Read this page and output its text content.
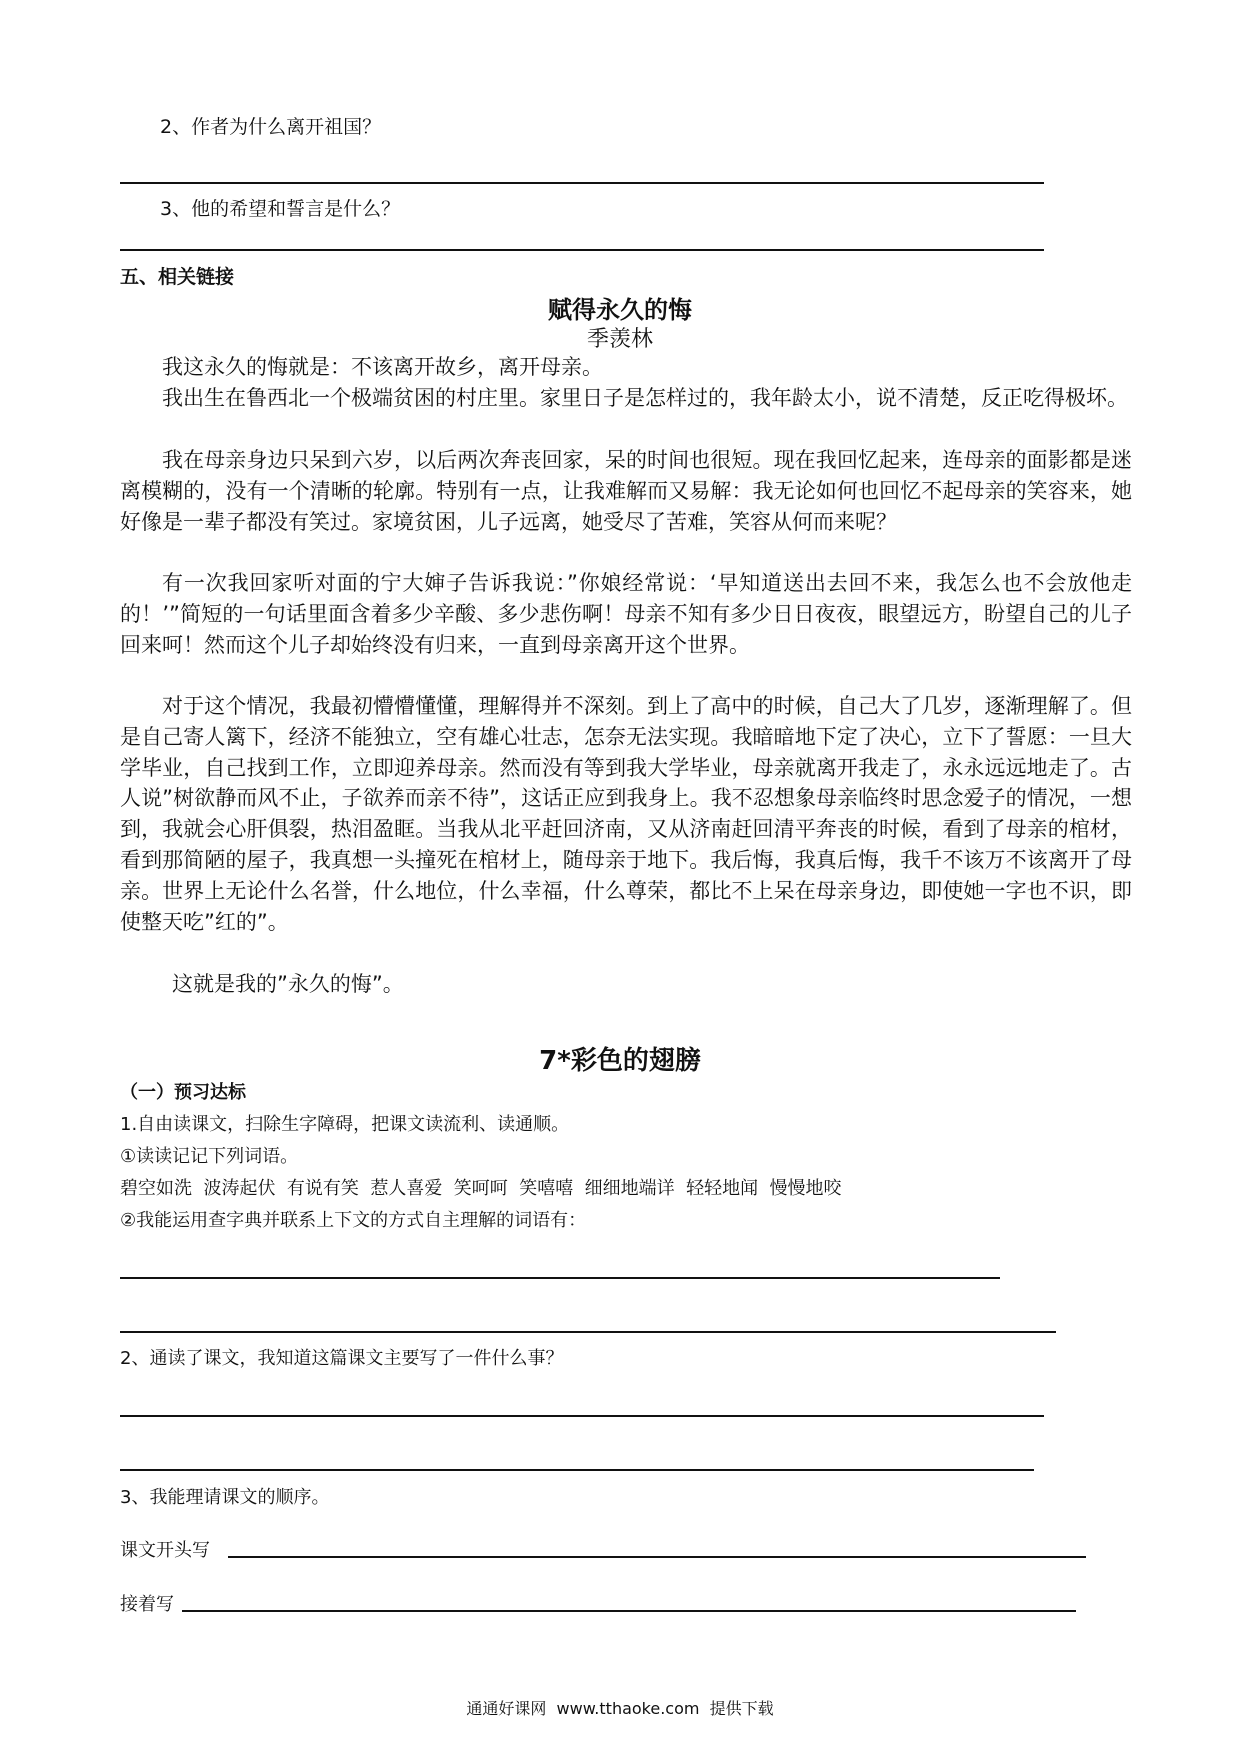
2、作者为什么离开祖国？
3、他的希望和誓言是什么？
五、相关链接
赋得永久的悔
季羡林
我这永久的悔就是：不该离开故乡，离开母亲。
我出生在鲁西北一个极端贫困的村庄里。家里日子是怎样过的，我年龄太小，说不清楚，反正吃得极坏。
我在母亲身边只呆到六岁，以后两次奔丧回家，呆的时间也很短。现在我回忆起来，连母亲的面影都是迷离模糊的，没有一个清晰的轮廓。特别有一点，让我难解而又易解：我无论如何也回忆不起母亲的笑容来，她好像是一辈子都没有笑过。家境贫困，儿子远离，她受尽了苦难，笑容从何而来呢？
有一次我回家听对面的宁大婶子告诉我说：”你娘经常说：‘早知道送出去回不来，我怎么也不会放他走的！’”简短的一句话里面含着多少辛酸、多少悲伤啊！母亲不知有多少日日夜夜，眼望远方，盼望自己的儿子回来呵！然而这个儿子却始终没有归来，一直到母亲离开这个世界。
对于这个情况，我最初懵懵懂懂，理解得并不深刻。到上了高中的时候，自己大了几岁，逐渐理解了。但是自己寄人篱下，经济不能独立，空有雄心壮志，怎奈无法实现。我暗暗地下定了决心，立下了誓愿：一旦大学毕业，自己找到工作，立即迎养母亲。然而没有等到我大学毕业，母亲就离开我走了，永永远远地走了。古人说”树欲静而风不止，子欲养而亲不待”，这话正应到我身上。我不忍想象母亲临终时思念爱子的情况，一想到，我就会心肝俱裂，热泪盈眶。当我从北平赶回济南，又从济南赶回清平奔丧的时候，看到了母亲的棺材，看到那简陋的屋子，我真想一头撞死在棺材上，随母亲于地下。我后悔，我真后悔，我千不该万不该离开了母亲。世界上无论什么名誉，什么地位，什么幸福，什么尊荣，都比不上呆在母亲身边，即使她一字也不识，即使整天吃”红的”。
这就是我的”永久的悔”。
7*彩色的翅膀
（一）预习达标
1.自由读课文，扫除生字障碍，把课文读流利、读通顺。
①读读记记下列词语。
碧空如洗  波涛起伏  有说有笑  惹人喜爱  笑呵呵  笑嘻嘻  细细地端详  轻轻地闻  慢慢地咬
②我能运用查字典并联系上下文的方式自主理解的词语有：
2、通读了课文，我知道这篇课文主要写了一件什么事？
3、我能理请课文的顺序。
课文开头写
接着写
通通好课网  www.tthaoke.com  提供下载
